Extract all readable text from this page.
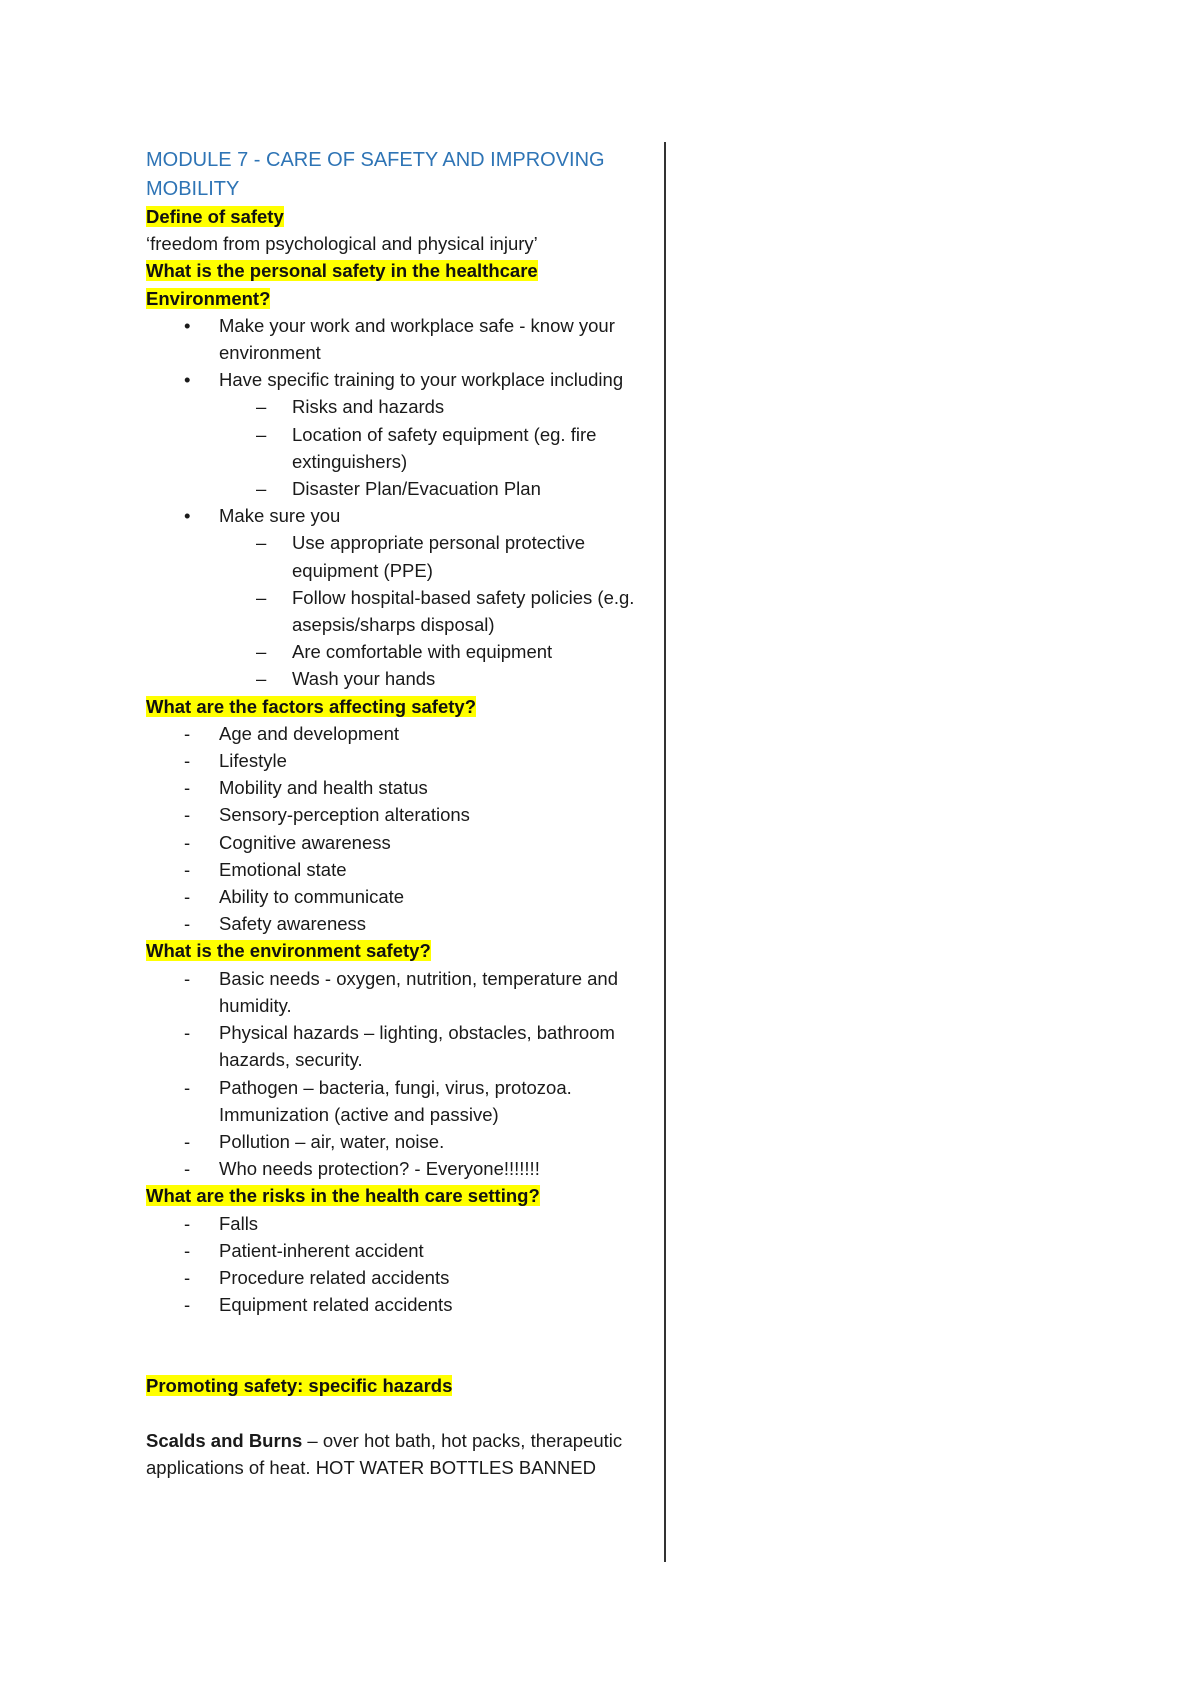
MODULE 7 - CARE OF SAFETY AND IMPROVING MOBILITY

Define of safety

‘freedom from psychological and physical injury’

What is the personal safety in the healthcare Environment?

• Make your work and workplace safe - know your environment
• Have specific training to your workplace including
– Risks and hazards
– Location of safety equipment (eg. fire extinguishers)
– Disaster Plan/Evacuation Plan
• Make sure you
– Use appropriate personal protective equipment (PPE)
– Follow hospital-based safety policies (e.g. asepsis/sharps disposal)
– Are comfortable with equipment
– Wash your hands

What are the factors affecting safety?

- Age and development
- Lifestyle
- Mobility and health status
- Sensory-perception alterations
- Cognitive awareness
- Emotional state
- Ability to communicate
- Safety awareness

What is the environment safety?

- Basic needs - oxygen, nutrition, temperature and humidity.
- Physical hazards – lighting, obstacles, bathroom hazards, security.
- Pathogen – bacteria, fungi, virus, protozoa. Immunization (active and passive)
- Pollution – air, water, noise.
- Who needs protection? - Everyone!!!!!!!

What are the risks in the health care setting?

- Falls
- Patient-inherent accident
- Procedure related accidents
- Equipment related accidents

Promoting safety: specific hazards

Scalds and Burns – over hot bath, hot packs, therapeutic applications of heat. HOT WATER BOTTLES BANNED
